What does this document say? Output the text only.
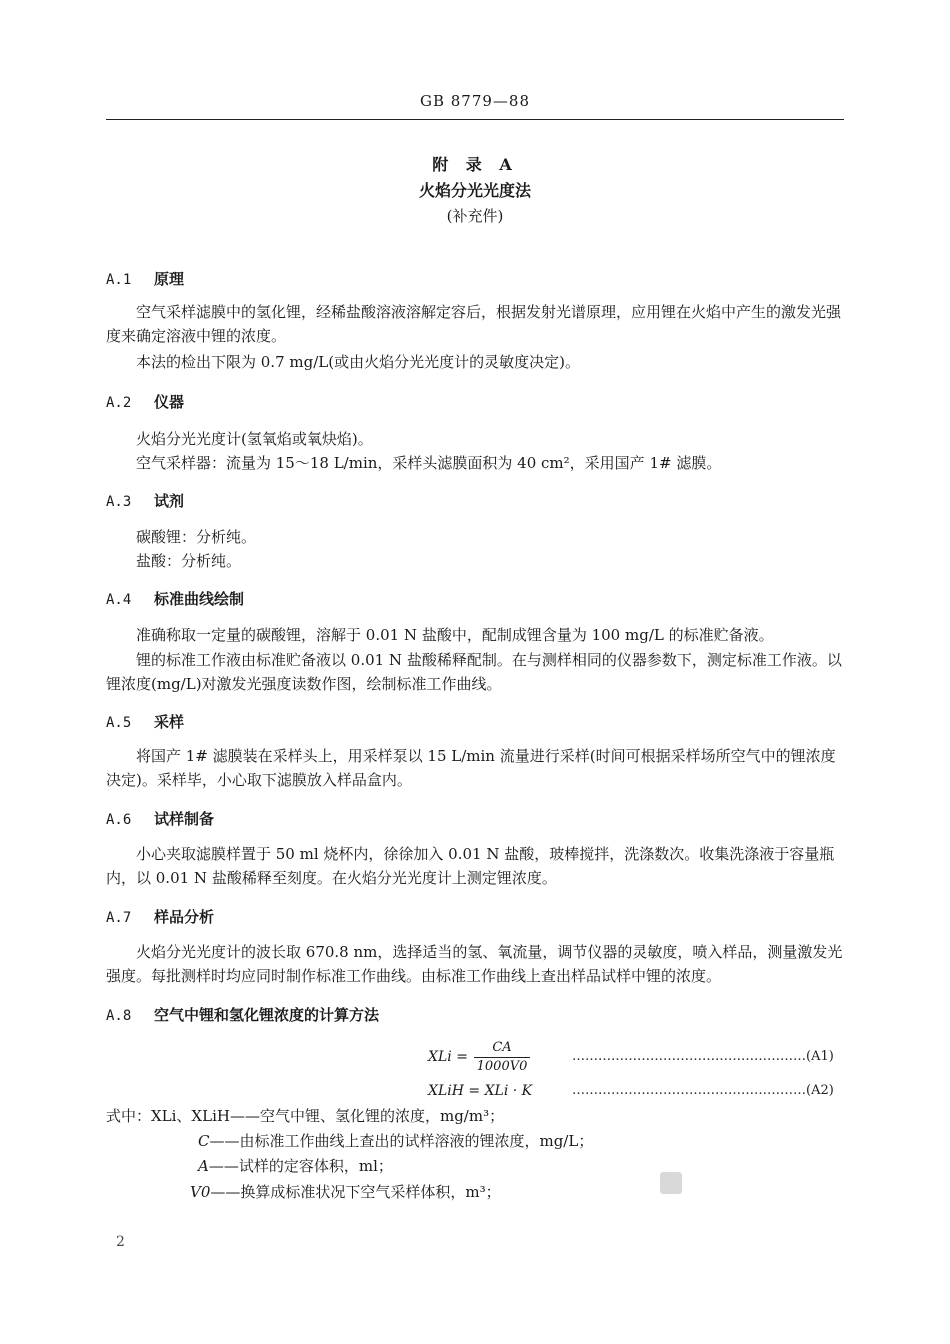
GB 8779—88
附 录 A
火焰分光光度法
(补充件)
A.1 原理
空气采样滤膜中的氢化锂，经稀盐酸溶液溶解定容后，根据发射光谱原理，应用锂在火焰中产生的激发光强度来确定溶液中锂的浓度。
本法的检出下限为 0.7 mg/L(或由火焰分光光度计的灵敏度决定)。
A.2 仪器
火焰分光光度计(氢氧焰或氧炔焰)。
空气采样器：流量为 15～18 L/min，采样头滤膜面积为 40 cm²，采用国产 1# 滤膜。
A.3 试剂
碳酸锂：分析纯。
盐酸：分析纯。
A.4 标准曲线绘制
准确称取一定量的碳酸锂，溶解于 0.01 N 盐酸中，配制成锂含量为 100 mg/L 的标准贮备液。
锂的标准工作液由标准贮备液以 0.01 N 盐酸稀释配制。在与测样相同的仪器参数下，测定标准工作液。以锂浓度(mg/L)对激发光强度读数作图，绘制标准工作曲线。
A.5 采样
将国产 1# 滤膜装在采样头上，用采样泵以 15 L/min 流量进行采样(时间可根据采样场所空气中的锂浓度决定)。采样毕，小心取下滤膜放入样品盒内。
A.6 试样制备
小心夹取滤膜样置于 50 ml 烧杯内，徐徐加入 0.01 N 盐酸，玻棒搅拌，洗涤数次。收集洗涤液于容量瓶内，以 0.01 N 盐酸稀释至刻度。在火焰分光光度计上测定锂浓度。
A.7 样品分析
火焰分光光度计的波长取 670.8 nm，选择适当的氢、氧流量，调节仪器的灵敏度，喷入样品，测量激发光强度。每批测样时均应同时制作标准工作曲线。由标准工作曲线上查出样品试样中锂的浓度。
A.8 空气中锂和氢化锂浓度的计算方法
XLi =
CA
1000V0
………………………………………………(A1)
XLiH = XLi · K	………………………………………………(A2)
式中：XLi、XLiH——空气中锂、氢化锂的浓度，mg/m³；
C——由标准工作曲线上查出的试样溶液的锂浓度，mg/L；
A——试样的定容体积，ml；
V0——换算成标准状况下空气采样体积，m³；
2
